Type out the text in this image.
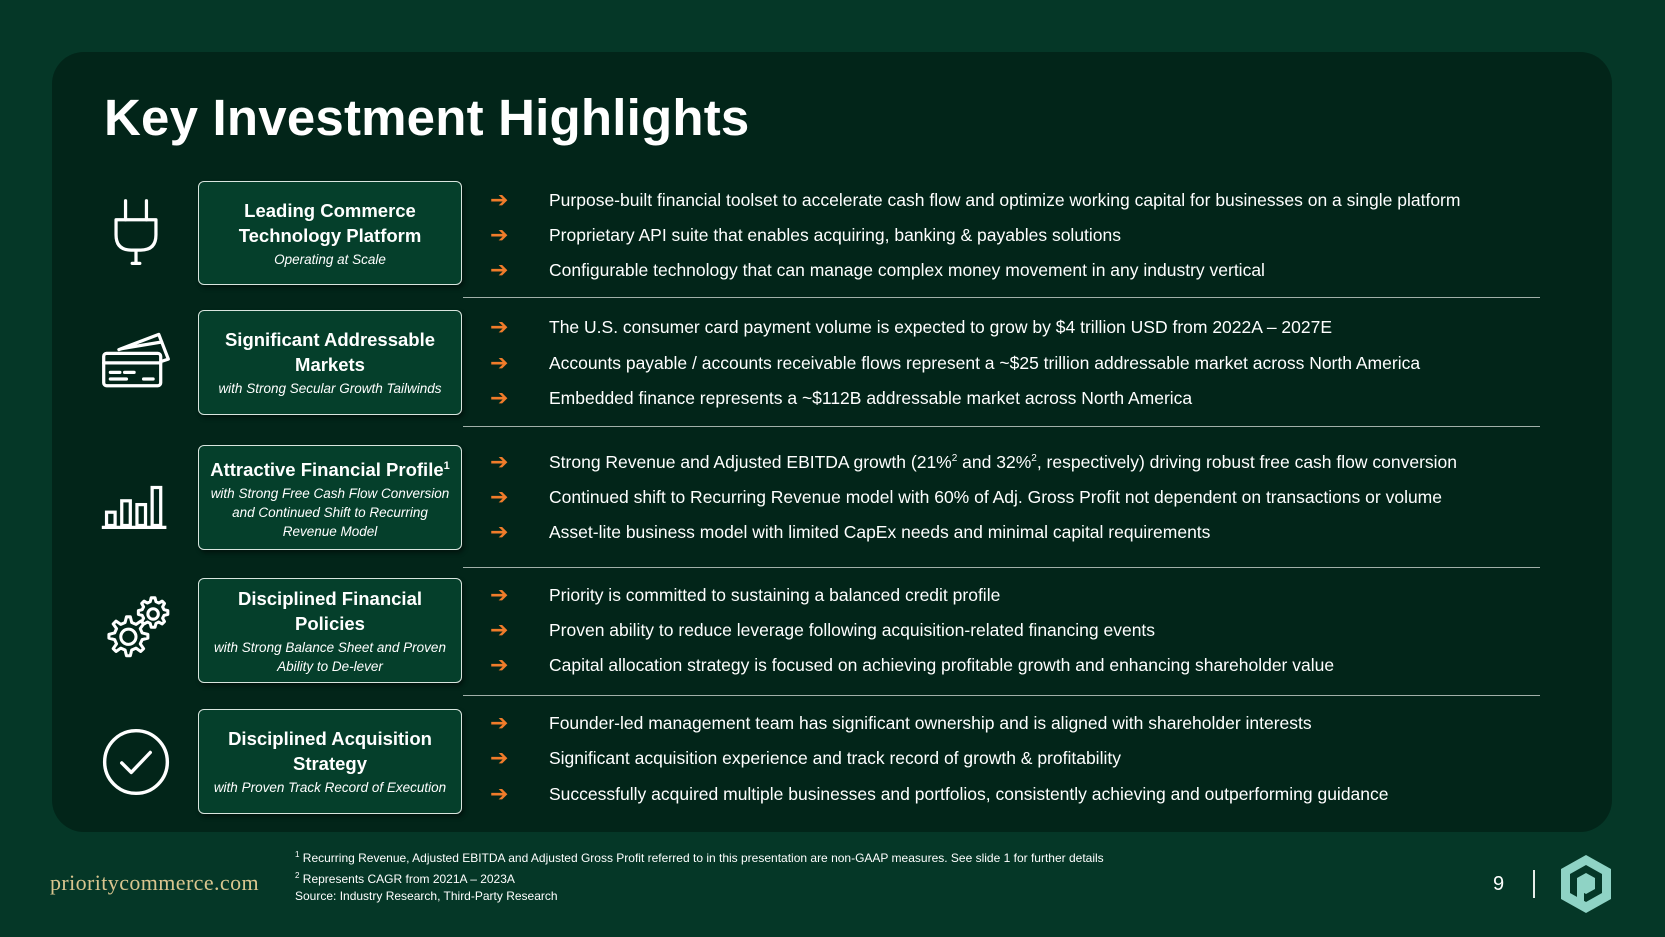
Key Investment Highlights
Leading Commerce Technology Platform
Operating at Scale
➔	Purpose-built financial toolset to accelerate cash flow and optimize working capital for businesses on a single platform
➔	Proprietary API suite that enables acquiring, banking & payables solutions
➔	Configurable technology that can manage complex money movement in any industry vertical
Significant Addressable Markets
with Strong Secular Growth Tailwinds
➔	The U.S. consumer card payment volume is expected to grow by $4 trillion USD from 2022A – 2027E
➔	Accounts payable / accounts receivable flows represent a ~$25 trillion addressable market across North America
➔	Embedded finance represents a ~$112B addressable market across North America
Attractive Financial Profile$^1$
with Strong Free Cash Flow Conversion and Continued Shift to Recurring Revenue Model
➔	Strong Revenue and Adjusted EBITDA growth (21%$^2$ and 32%$^2$, respectively) driving robust free cash flow conversion
➔	Continued shift to Recurring Revenue model with 60% of Adj. Gross Profit not dependent on transactions or volume
➔	Asset-lite business model with limited CapEx needs and minimal capital requirements
Disciplined Financial Policies
with Strong Balance Sheet and Proven Ability to De-lever
➔	Priority is committed to sustaining a balanced credit profile
➔	Proven ability to reduce leverage following acquisition-related financing events
➔	Capital allocation strategy is focused on achieving profitable growth and enhancing shareholder value
Disciplined Acquisition Strategy
with Proven Track Record of Execution
➔	Founder-led management team has significant ownership and is aligned with shareholder interests
➔	Significant acquisition experience and track record of growth & profitability
➔	Successfully acquired multiple businesses and portfolios, consistently achieving and outperforming guidance
prioritycommerce.com
$^1$ Recurring Revenue, Adjusted EBITDA and Adjusted Gross Profit referred to in this presentation are non-GAAP measures. See slide 1 for further details
$^2$ Represents CAGR from 2021A – 2023A
Source: Industry Research, Third-Party Research
9
